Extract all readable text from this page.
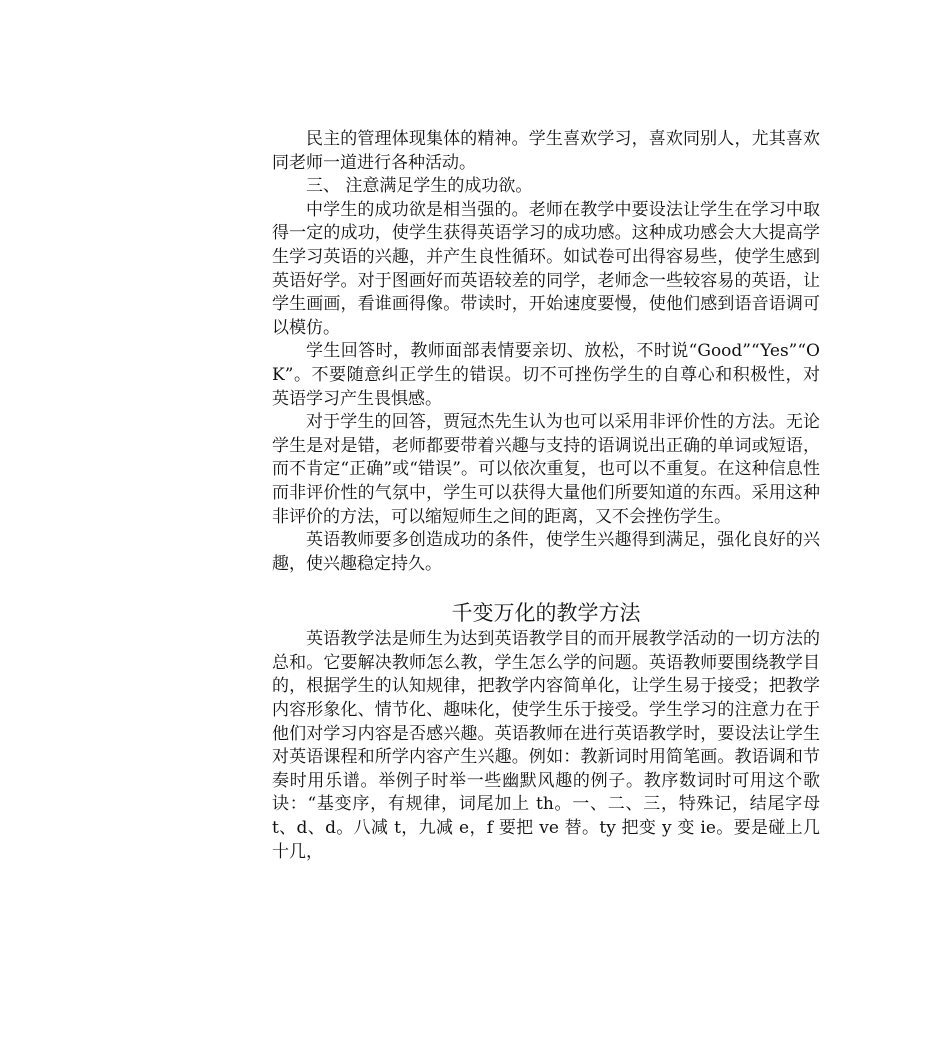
民主的管理体现集体的精神。学生喜欢学习，喜欢同别人，尤其喜欢同老师一道进行各种活动。

三、 注意满足学生的成功欲。

中学生的成功欲是相当强的。老师在教学中要设法让学生在学习中取得一定的成功，使学生获得英语学习的成功感。这种成功感会大大提高学生学习英语的兴趣，并产生良性循环。如试卷可出得容易些，使学生感到英语好学。对于图画好而英语较差的同学，老师念一些较容易的英语，让学生画画，看谁画得像。带读时，开始速度要慢，使他们感到语音语调可以模仿。

学生回答时，教师面部表情要亲切、放松，不时说“Good”“Yes”“OK”。不要随意纠正学生的错误。切不可挫伤学生的自尊心和积极性，对英语学习产生畏惧感。

对于学生的回答，贾冠杰先生认为也可以采用非评价性的方法。无论学生是对是错，老师都要带着兴趣与支持的语调说出正确的单词或短语，而不肯定“正确”或“错误”。可以依次重复，也可以不重复。在这种信息性而非评价性的气氛中，学生可以获得大量他们所要知道的东西。采用这种非评价的方法，可以缩短师生之间的距离，又不会挫伤学生。

英语教师要多创造成功的条件，使学生兴趣得到满足，强化良好的兴趣，使兴趣稳定持久。

千变万化的教学方法

英语教学法是师生为达到英语教学目的而开展教学活动的一切方法的总和。它要解决教师怎么教，学生怎么学的问题。英语教师要围绕教学目的，根据学生的认知规律，把教学内容简单化，让学生易于接受；把教学内容形象化、情节化、趣味化，使学生乐于接受。学生学习的注意力在于他们对学习内容是否感兴趣。英语教师在进行英语教学时，要设法让学生对英语课程和所学内容产生兴趣。例如：教新词时用简笔画。教语调和节奏时用乐谱。举例子时举一些幽默风趣的例子。教序数词时可用这个歌诀：“基变序，有规律，词尾加上 th。一、二、三，特殊记，结尾字母 t、d、d。八减 t，九减 e，f 要把 ve 替。ty 把变 y 变 ie。要是碰上几十几，
